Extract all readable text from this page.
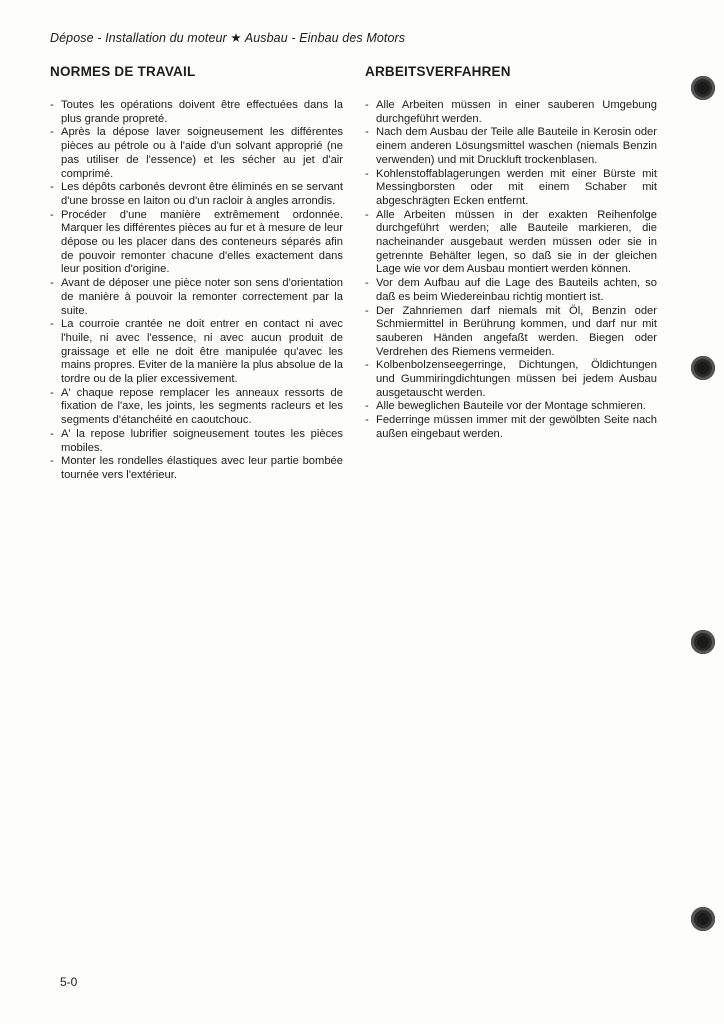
Dépose - Installation du moteur ★ Ausbau - Einbau des Motors
NORMES DE TRAVAIL
- Toutes les opérations doivent être effectuées dans la plus grande propreté.
- Après la dépose laver soigneusement les différentes pièces au pétrole ou à l'aide d'un solvant approprié (ne pas utiliser de l'essence) et les sécher au jet d'air comprimé.
- Les dépôts carbonés devront être éliminés en se servant d'une brosse en laiton ou d'un racloir à angles arrondis.
- Procéder d'une manière extrêmement ordonnée. Marquer les différentes pièces au fur et à mesure de leur dépose ou les placer dans des conteneurs séparés afin de pouvoir remonter chacune d'elles exactement dans leur position d'origine.
- Avant de déposer une pièce noter son sens d'orientation de manière à pouvoir la remonter correctement par la suite.
- La courroie crantée ne doit entrer en contact ni avec l'huile, ni avec l'essence, ni avec aucun produit de graissage et elle ne doit être manipulée qu'avec les mains propres. Eviter de la manière la plus absolue de la tordre ou de la plier excessivement.
- A' chaque repose remplacer les anneaux ressorts de fixation de l'axe, les joints, les segments racleurs et les segments d'étanchéité en caoutchouc.
- A' la repose lubrifier soigneusement toutes les pièces mobiles.
- Monter les rondelles élastiques avec leur partie bombée tournée vers l'extérieur.
ARBEITSVERFAHREN
- Alle Arbeiten müssen in einer sauberen Umgebung durchgeführt werden.
- Nach dem Ausbau der Teile alle Bauteile in Kerosin oder einem anderen Lösungsmittel waschen (niemals Benzin verwenden) und mit Druckluft trockenblasen.
- Kohlenstoffablagerungen werden mit einer Bürste mit Messingborsten oder mit einem Schaber mit abgeschrägten Ecken entfernt.
- Alle Arbeiten müssen in der exakten Reihenfolge durchgeführt werden; alle Bauteile markieren, die nacheinander ausgebaut werden müssen oder sie in getrennte Behälter legen, so daß sie in der gleichen Lage wie vor dem Ausbau montiert werden können.
- Vor dem Aufbau auf die Lage des Bauteils achten, so daß es beim Wiedereinbau richtig montiert ist.
- Der Zahnriemen darf niemals mit Öl, Benzin oder Schmiermittel in Berührung kommen, und darf nur mit sauberen Händen angefaßt werden. Biegen oder Verdrehen des Riemens vermeiden.
- Kolbenbolzenseegerringe, Dichtungen, Öldichtungen und Gummiringdichtungen müssen bei jedem Ausbau ausgetauscht werden.
- Alle beweglichen Bauteile vor der Montage schmieren.
- Federringe müssen immer mit der gewölbten Seite nach außen eingebaut werden.
5-0
